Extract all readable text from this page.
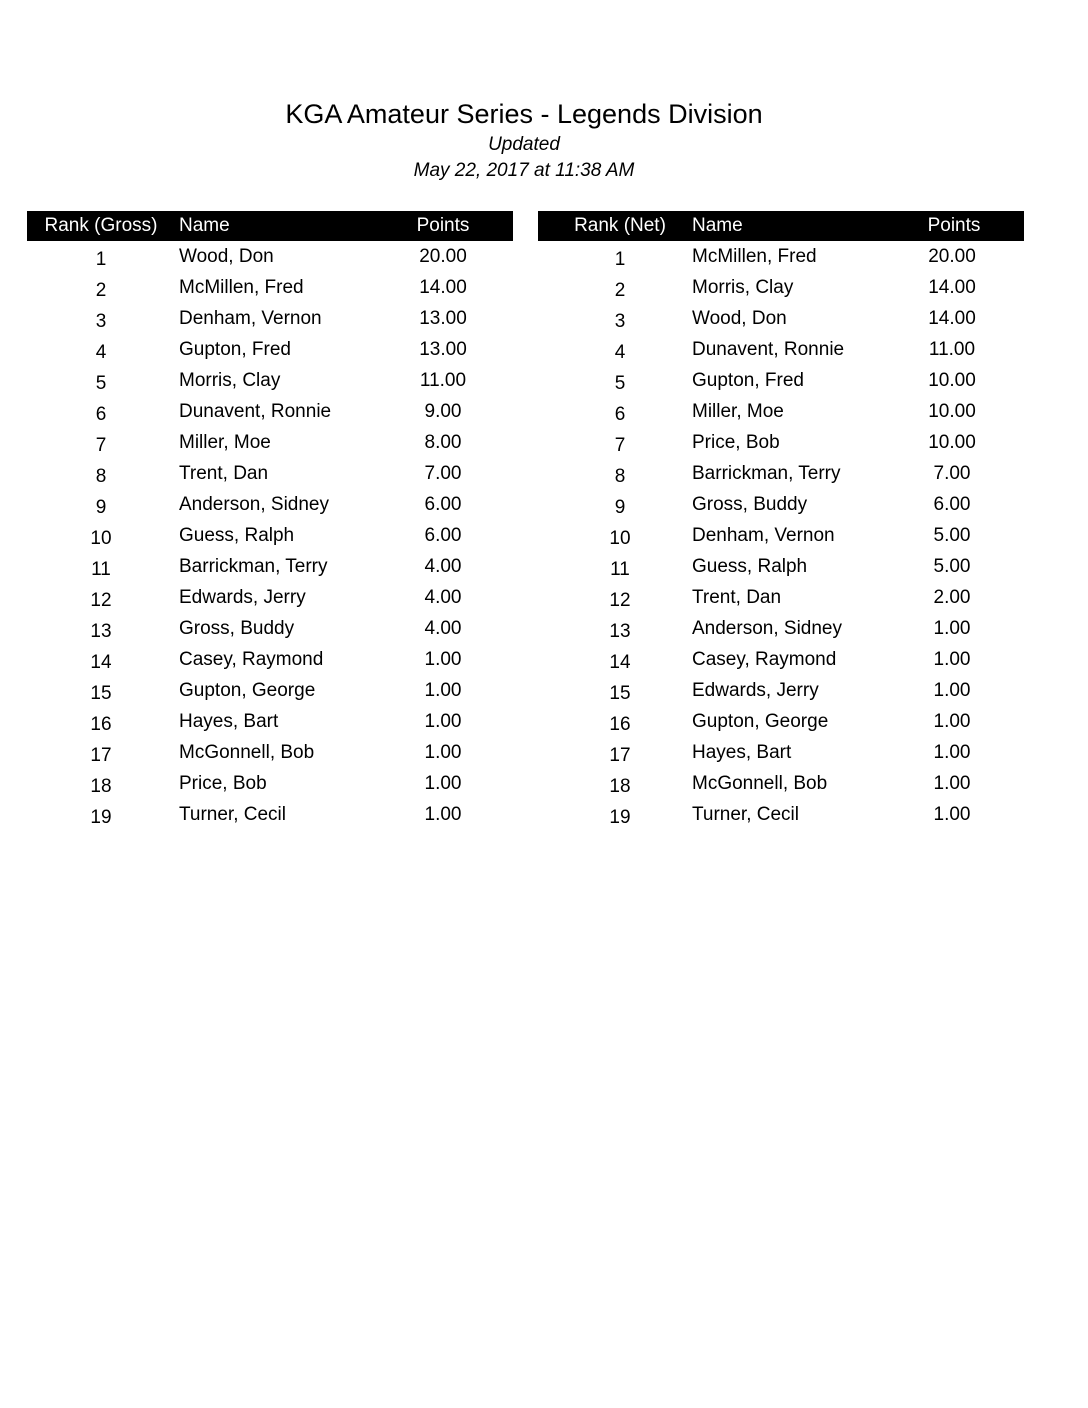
KGA Amateur Series - Legends Division

Updated

May 22, 2017 at 11:38 AM

Rank (Gross)	Name	Points
1	Wood, Don	20.00
2	McMillen, Fred	14.00
3	Denham, Vernon	13.00
4	Gupton, Fred	13.00
5	Morris, Clay	11.00
6	Dunavent, Ronnie	9.00
7	Miller, Moe	8.00
8	Trent, Dan	7.00
9	Anderson, Sidney	6.00
10	Guess, Ralph	6.00
11	Barrickman, Terry	4.00
12	Edwards, Jerry	4.00
13	Gross, Buddy	4.00
14	Casey, Raymond	1.00
15	Gupton, George	1.00
16	Hayes, Bart	1.00
17	McGonnell, Bob	1.00
18	Price, Bob	1.00
19	Turner, Cecil	1.00
Rank (Net)	Name	Points
1	McMillen, Fred	20.00
2	Morris, Clay	14.00
3	Wood, Don	14.00
4	Dunavent, Ronnie	11.00
5	Gupton, Fred	10.00
6	Miller, Moe	10.00
7	Price, Bob	10.00
8	Barrickman, Terry	7.00
9	Gross, Buddy	6.00
10	Denham, Vernon	5.00
11	Guess, Ralph	5.00
12	Trent, Dan	2.00
13	Anderson, Sidney	1.00
14	Casey, Raymond	1.00
15	Edwards, Jerry	1.00
16	Gupton, George	1.00
17	Hayes, Bart	1.00
18	McGonnell, Bob	1.00
19	Turner, Cecil	1.00
